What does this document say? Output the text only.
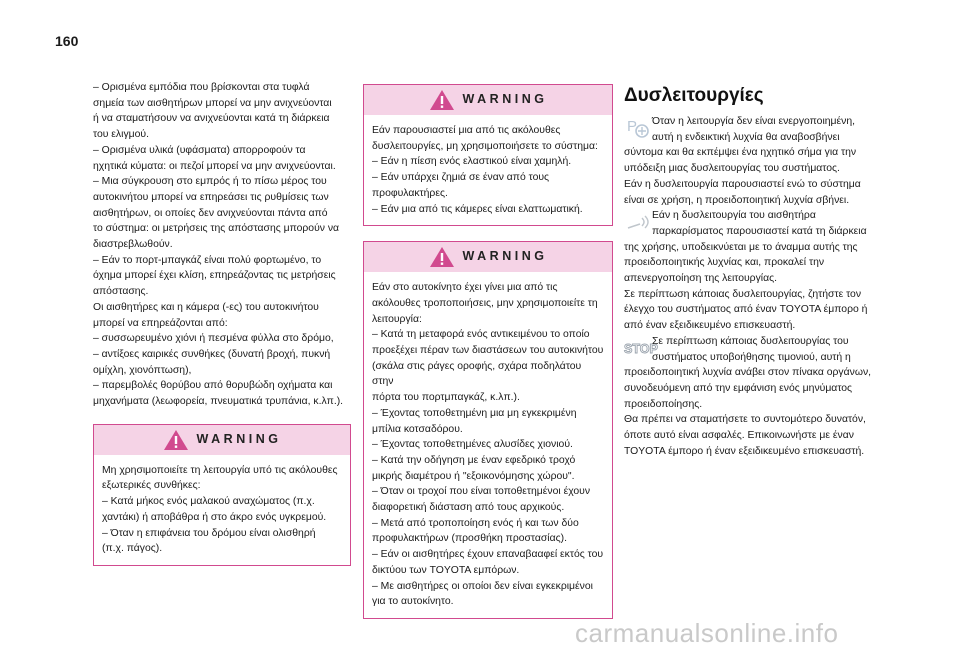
160

– Ορισμένα εμπόδια που βρίσκονται στα τυφλά

σημεία των αισθητήρων μπορεί να μην ανιχνεύονται

ή να σταματήσουν να ανιχνεύονται κατά τη διάρκεια

του ελιγμού.

– Ορισμένα υλικά (υφάσματα) απορροφούν τα

ηχητικά κύματα: οι πεζοί μπορεί να μην ανιχνεύονται.

– Μια σύγκρουση στο εμπρός ή το πίσω μέρος του

αυτοκινήτου μπορεί να επηρεάσει τις ρυθμίσεις των

αισθητήρων, οι οποίες δεν ανιχνεύονται πάντα από

το σύστημα: οι μετρήσεις της απόστασης μπορούν να

διαστρεβλωθούν.

– Εάν το πορτ-μπαγκάζ είναι πολύ φορτωμένο, το

όχημα μπορεί έχει κλίση, επηρεάζοντας τις μετρήσεις

απόστασης.

Οι αισθητήρες και η κάμερα (-ες) του αυτοκινήτου

μπορεί να επηρεάζονται από:

– συσσωρευμένο χιόνι ή πεσμένα φύλλα στο δρόμο,

– αντίξοες καιρικές συνθήκες (δυνατή βροχή, πυκνή

ομίχλη, χιονόπτωση),

– παρεμβολές θορύβου από θορυβώδη οχήματα και

μηχανήματα (λεωφορεία, πνευματικά τρυπάνια, κ.λπ.).

WARNING

Μη χρησιμοποιείτε τη λειτουργία υπό τις ακόλουθες

εξωτερικές συνθήκες:

– Κατά μήκος ενός μαλακού αναχώματος (π.χ.

χαντάκι) ή αποβάθρα ή στο άκρο ενός υγκρεμού.

– Όταν η επιφάνεια του δρόμου είναι ολισθηρή

(π.χ. πάγος).

WARNING

Εάν παρουσιαστεί μια από τις ακόλουθες

δυσλειτουργίες, μη χρησιμοποιήσετε το σύστημα:

– Εάν η πίεση ενός ελαστικού είναι χαμηλή.

– Εάν υπάρχει ζημιά σε έναν από τους

προφυλακτήρες.

– Εάν μια από τις κάμερες είναι ελαττωματική.

WARNING

Εάν στο αυτοκίνητο έχει γίνει μια από τις

ακόλουθες τροποποιήσεις, μην χρησιμοποιείτε τη

λειτουργία:

– Κατά τη μεταφορά ενός αντικειμένου το οποίο

προεξέχει πέραν των διαστάσεων του αυτοκινήτου

(σκάλα στις ράγες οροφής, σχάρα ποδηλάτου στην

πόρτα του πορτμπαγκάζ, κ.λπ.).

– Έχοντας τοποθετημένη μια μη εγκεκριμένη

μπίλια κοτσαδόρου.

– Έχοντας τοποθετημένες αλυσίδες χιονιού.

– Κατά την οδήγηση με έναν εφεδρικό τροχό

μικρής διαμέτρου ή "εξοικονόμησης χώρου".

– Όταν οι τροχοί που είναι τοποθετημένοι έχουν

διαφορετική διάσταση από τους αρχικούς.

– Μετά από τροποποίηση ενός ή και των δύο

προφυλακτήρων (προσθήκη προστασίας).

– Εάν οι αισθητήρες έχουν επαναβααφεί εκτός του

δικτύου των TOYOTA εμπόρων.

– Με αισθητήρες οι οποίοι δεν είναι εγκεκριμένοι

για το αυτοκίνητο.

Δυσλειτουργίες
P Όταν η λειτουργία δεν είναι ενεργοποιημένη,

αυτή η ενδεικτική λυχνία θα αναβοσβήνει

σύντομα και θα εκπέμψει ένα ηχητικό σήμα για την

υπόδειξη μιας δυσλειτουργίας του συστήματος.

Εάν η δυσλειτουργία παρουσιαστεί ενώ το σύστημα

είναι σε χρήση, η προειδοποιητική λυχνία σβήνει.

Εάν η δυσλειτουργία του αισθητήρα

παρκαρίσματος παρουσιαστεί κατά τη διάρκεια

της χρήσης, υποδεικνύεται με το άναμμα αυτής της

προειδοποιητικής λυχνίας και, προκαλεί την

απενεργοποίηση της λειτουργίας.

Σε περίπτωση κάποιας δυσλειτουργίας, ζητήστε τον

έλεγχο του συστήματος από έναν TOYOTA έμπορο ή

από έναν εξειδικευμένο επισκευαστή.

STOP

Σε περίπτωση κάποιας δυσλειτουργίας του

συστήματος υποβοήθησης τιμονιού, αυτή η

προειδοποιητική λυχνία ανάβει στον πίνακα οργάνων,

συνοδευόμενη από την εμφάνιση ενός μηνύματος

προειδοποίησης.

Θα πρέπει να σταματήσετε το συντομότερο δυνατόν,

όποτε αυτό είναι ασφαλές. Επικοινωνήστε με έναν

TOYOTA έμπορο ή έναν εξειδικευμένο επισκευαστή.

carmanualsonline.info
